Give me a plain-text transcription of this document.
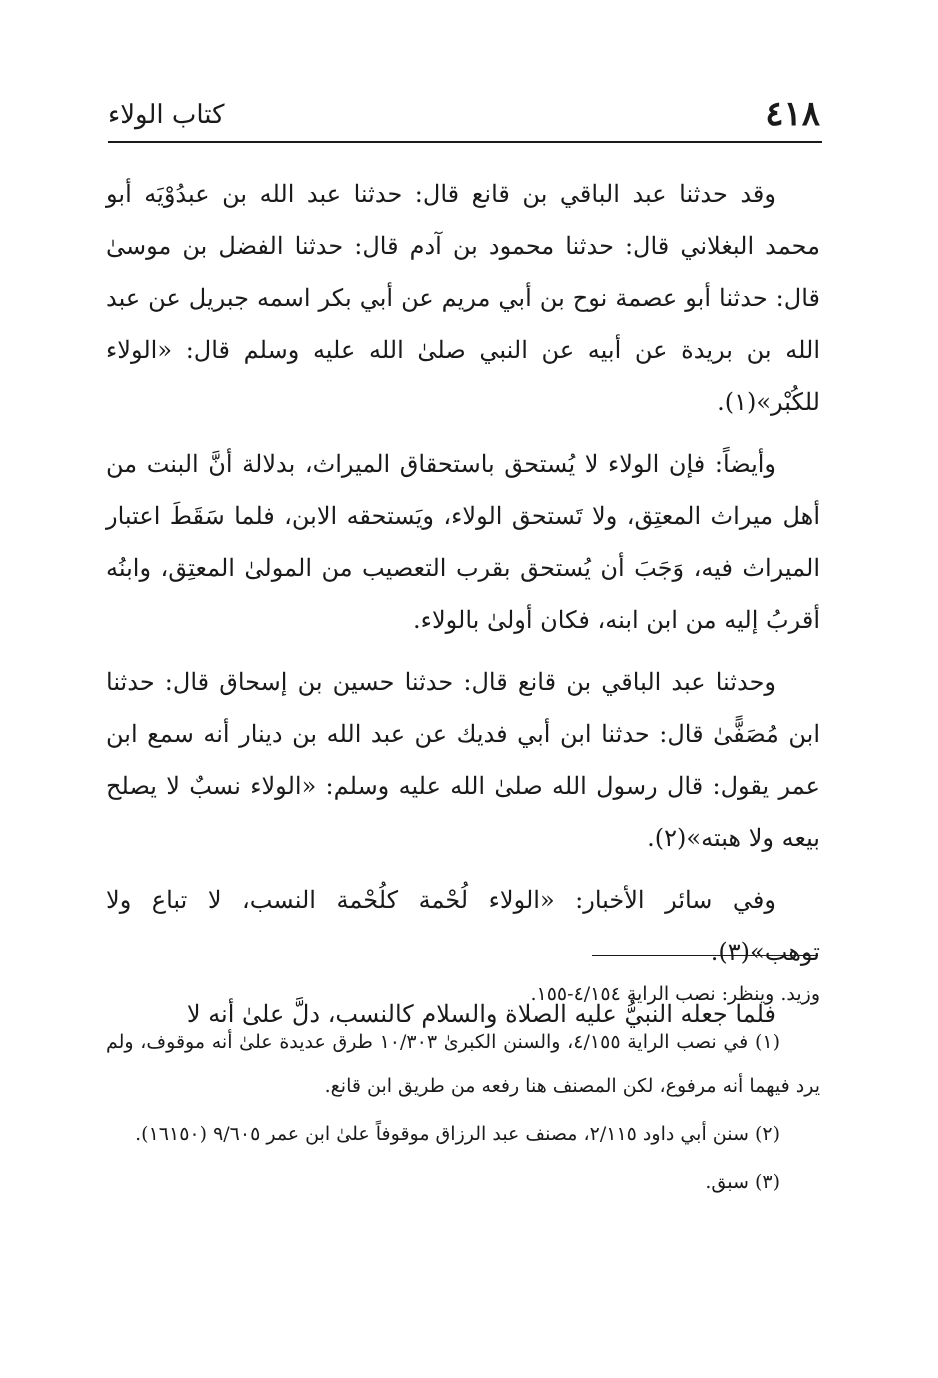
٤١٨
كتاب الولاء

وقد حدثنا عبد الباقي بن قانع قال: حدثنا عبد الله بن عبدُوْيَه أبو محمد البغلاني قال: حدثنا محمود بن آدم قال: حدثنا الفضل بن موسىٰ قال: حدثنا أبو عصمة نوح بن أبي مريم عن أبي بكر اسمه جبريل عن عبد الله بن بريدة عن أبيه عن النبي صلىٰ الله عليه وسلم قال: «الولاء للكُبْر»(١).

وأيضاً: فإن الولاء لا يُستحق باستحقاق الميراث، بدلالة أنَّ البنت من أهل ميراث المعتِق، ولا تَستحق الولاء، ويَستحقه الابن، فلما سَقَطَ اعتبار الميراث فيه، وَجَبَ أن يُستحق بقرب التعصيب من المولىٰ المعتِق، وابنُه أقربُ إليه من ابن ابنه، فكان أولىٰ بالولاء.

وحدثنا عبد الباقي بن قانع قال: حدثنا حسين بن إسحاق قال: حدثنا ابن مُصَفًّىٰ قال: حدثنا ابن أبي فديك عن عبد الله بن دينار أنه سمع ابن عمر يقول: قال رسول الله صلىٰ الله عليه وسلم: «الولاء نسبٌ لا يصلح بيعه ولا هبته»(٢).

وفي سائر الأخبار: «الولاء لُحْمة كلُحْمة النسب، لا تباع ولا توهب»(٣).

فلما جعله النبيُّ عليه الصلاة والسلام كالنسب، دلَّ علىٰ أنه لا

وزيد. وينظر: نصب الراية ٤/١٥٤-١٥٥.

(١) في نصب الراية ٤/١٥٥، والسنن الكبرىٰ ١٠/٣٠٣ طرق عديدة علىٰ أنه موقوف، ولم يرد فيهما أنه مرفوع، لكن المصنف هنا رفعه من طريق ابن قانع.

(٢) سنن أبي داود ٢/١١٥، مصنف عبد الرزاق موقوفاً علىٰ ابن عمر ٩/٦٠٥ (١٦١٥٠).

(٣) سبق.
